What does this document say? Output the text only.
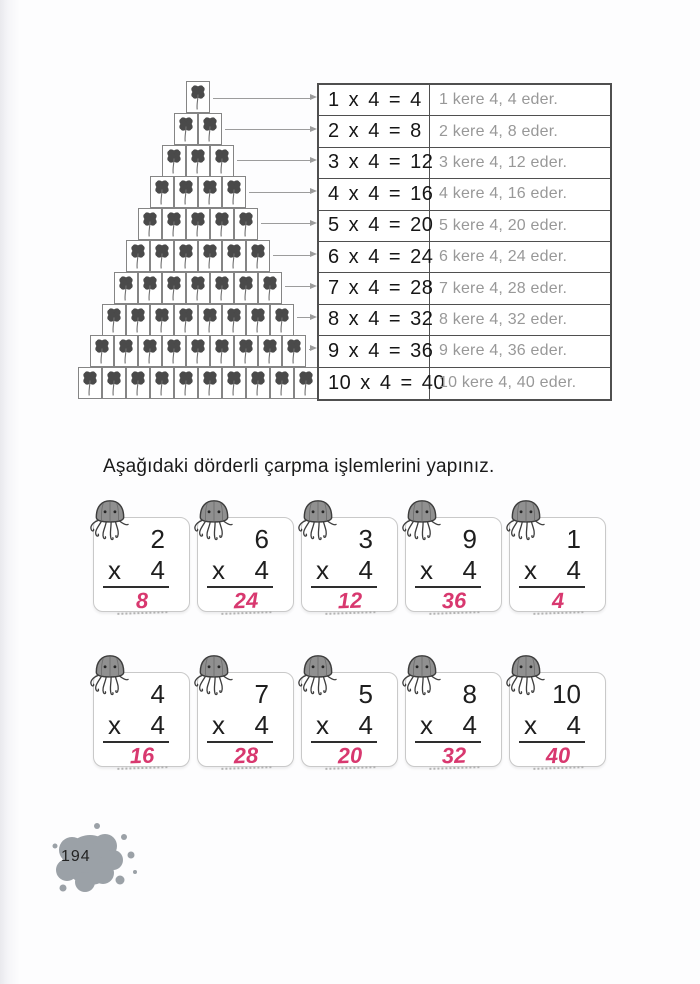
1 x 4 = 4	1 kere 4, 4 eder.
2 x 4 = 8	2 kere 4, 8 eder.
3 x 4 = 12 3 kere 4, 12 eder.
4 x 4 = 16 4 kere 4, 16 eder.
5 x 4 = 20 5 kere 4, 20 eder.
6 x 4 = 24 6 kere 4, 24 eder.
7 x 4 = 28 7 kere 4, 28 eder.
8 x 4 = 32 8 kere 4, 32 eder.
9 x 4 = 36 9 kere 4, 36 eder.
10 x 4 = 40
10 kere 4, 40 eder.
Aşağıdaki dörderli çarpma işlemlerini yapınız.
2
x 4
8
6
x 4
24
3
x 4
12
9
x 4
36
1
x 4
4
4
x 4
16
7
x 4
28
5
x 4
20
8
x 4
32
10
x 4
40
194
